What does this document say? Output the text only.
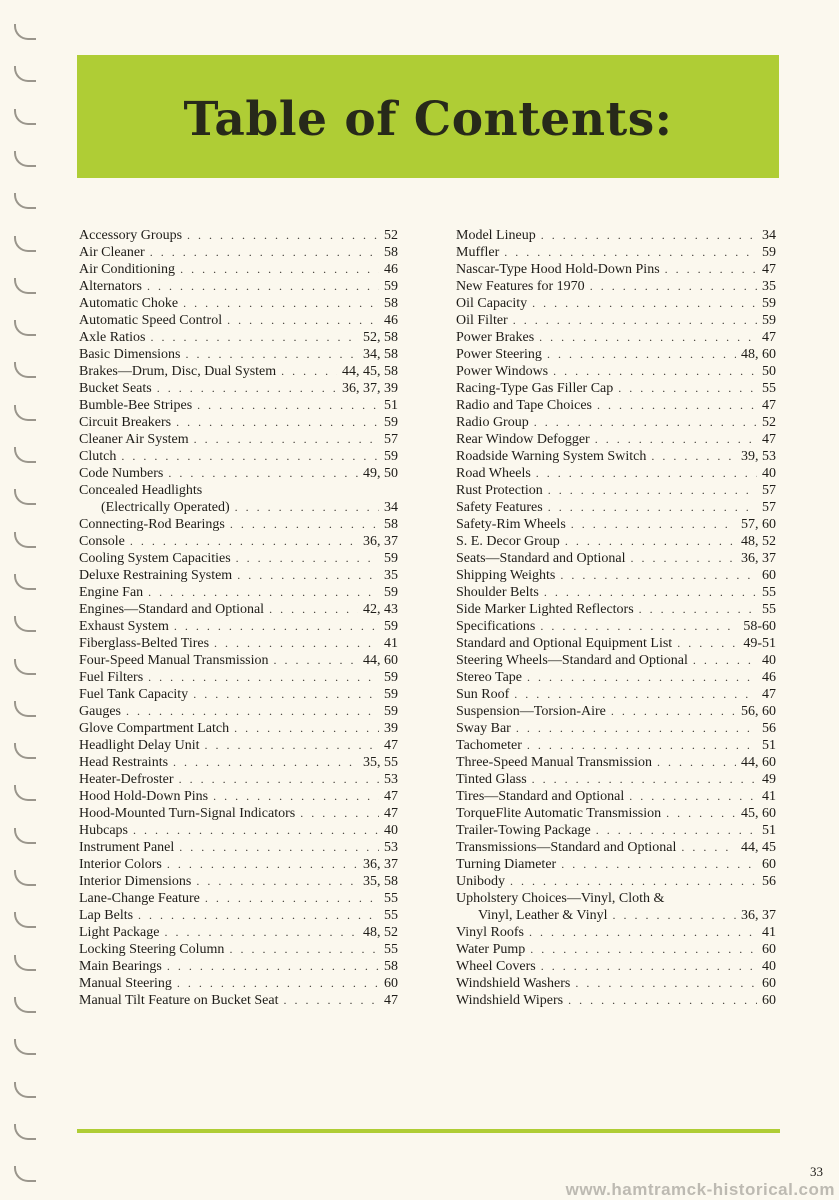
Table of Contents:
Accessory Groups . . .	52
Air Cleaner . . .	58
Air Conditioning . . .	46
Alternators . . .	59
Automatic Choke . . .	58
Automatic Speed Control . . .	46
Axle Ratios . . .	52, 58
Basic Dimensions . . .	34, 58
Brakes—Drum, Disc, Dual System . . .	44, 45, 58
Bucket Seats . . .	36, 37, 39
Bumble-Bee Stripes . . .	51
Circuit Breakers . . .	59
Cleaner Air System . . .	57
Clutch . . .	59
Code Numbers . . .	49, 50
Concealed Headlights
(Electrically Operated) . . .	34
Connecting-Rod Bearings . . .	58
Console . . .	36, 37
Cooling System Capacities . . .	59
Deluxe Restraining System . . .	35
Engine Fan . . .	59
Engines—Standard and Optional . . .	42, 43
Exhaust System . . .	59
Fiberglass-Belted Tires . . .	41
Four-Speed Manual Transmission . . .	44, 60
Fuel Filters . . .	59
Fuel Tank Capacity . . .	59
Gauges . . .	59
Glove Compartment Latch . . .	39
Headlight Delay Unit . . .	47
Head Restraints . . .	35, 55
Heater-Defroster . . .	53
Hood Hold-Down Pins . . .	47
Hood-Mounted Turn-Signal Indicators . . .	47
Hubcaps . . .	40
Instrument Panel . . .	53
Interior Colors . . .	36, 37
Interior Dimensions . . .	35, 58
Lane-Change Feature . . .	55
Lap Belts . . .	55
Light Package . . .	48, 52
Locking Steering Column . . .	55
Main Bearings . . .	58
Manual Steering . . .	60
Manual Tilt Feature on Bucket Seat . . .	47
Model Lineup . . .	34
Muffler . . .	59
Nascar-Type Hood Hold-Down Pins . . .	47
New Features for 1970 . . .	35
Oil Capacity . . .	59
Oil Filter . . .	59
Power Brakes . . .	47
Power Steering . . .	48, 60
Power Windows . . .	50
Racing-Type Gas Filler Cap . . .	55
Radio and Tape Choices . . .	47
Radio Group . . .	52
Rear Window Defogger . . .	47
Roadside Warning System Switch . . .	39, 53
Road Wheels . . .	40
Rust Protection . . .	57
Safety Features . . .	57
Safety-Rim Wheels . . .	57, 60
S. E. Decor Group . . .	48, 52
Seats—Standard and Optional . . .	36, 37
Shipping Weights . . .	60
Shoulder Belts . . .	55
Side Marker Lighted Reflectors . . .	55
Specifications . . .	58-60
Standard and Optional Equipment List . . .	49-51
Steering Wheels—Standard and Optional . . .	40
Stereo Tape . . .	46
Sun Roof . . .	47
Suspension—Torsion-Aire . . .	56, 60
Sway Bar . . .	56
Tachometer . . .	51
Three-Speed Manual Transmission . . .	44, 60
Tinted Glass . . .	49
Tires—Standard and Optional . . .	41
TorqueFlite Automatic Transmission . . .	45, 60
Trailer-Towing Package . . .	51
Transmissions—Standard and Optional . . .	44, 45
Turning Diameter . . .	60
Unibody . . .	56
Upholstery Choices—Vinyl, Cloth &
Vinyl, Leather & Vinyl . . .	36, 37
Vinyl Roofs . . .	41
Water Pump . . .	60
Wheel Covers . . .	40
Windshield Washers . . .	60
Windshield Wipers . . .	60
33
www.hamtramck-historical.com
